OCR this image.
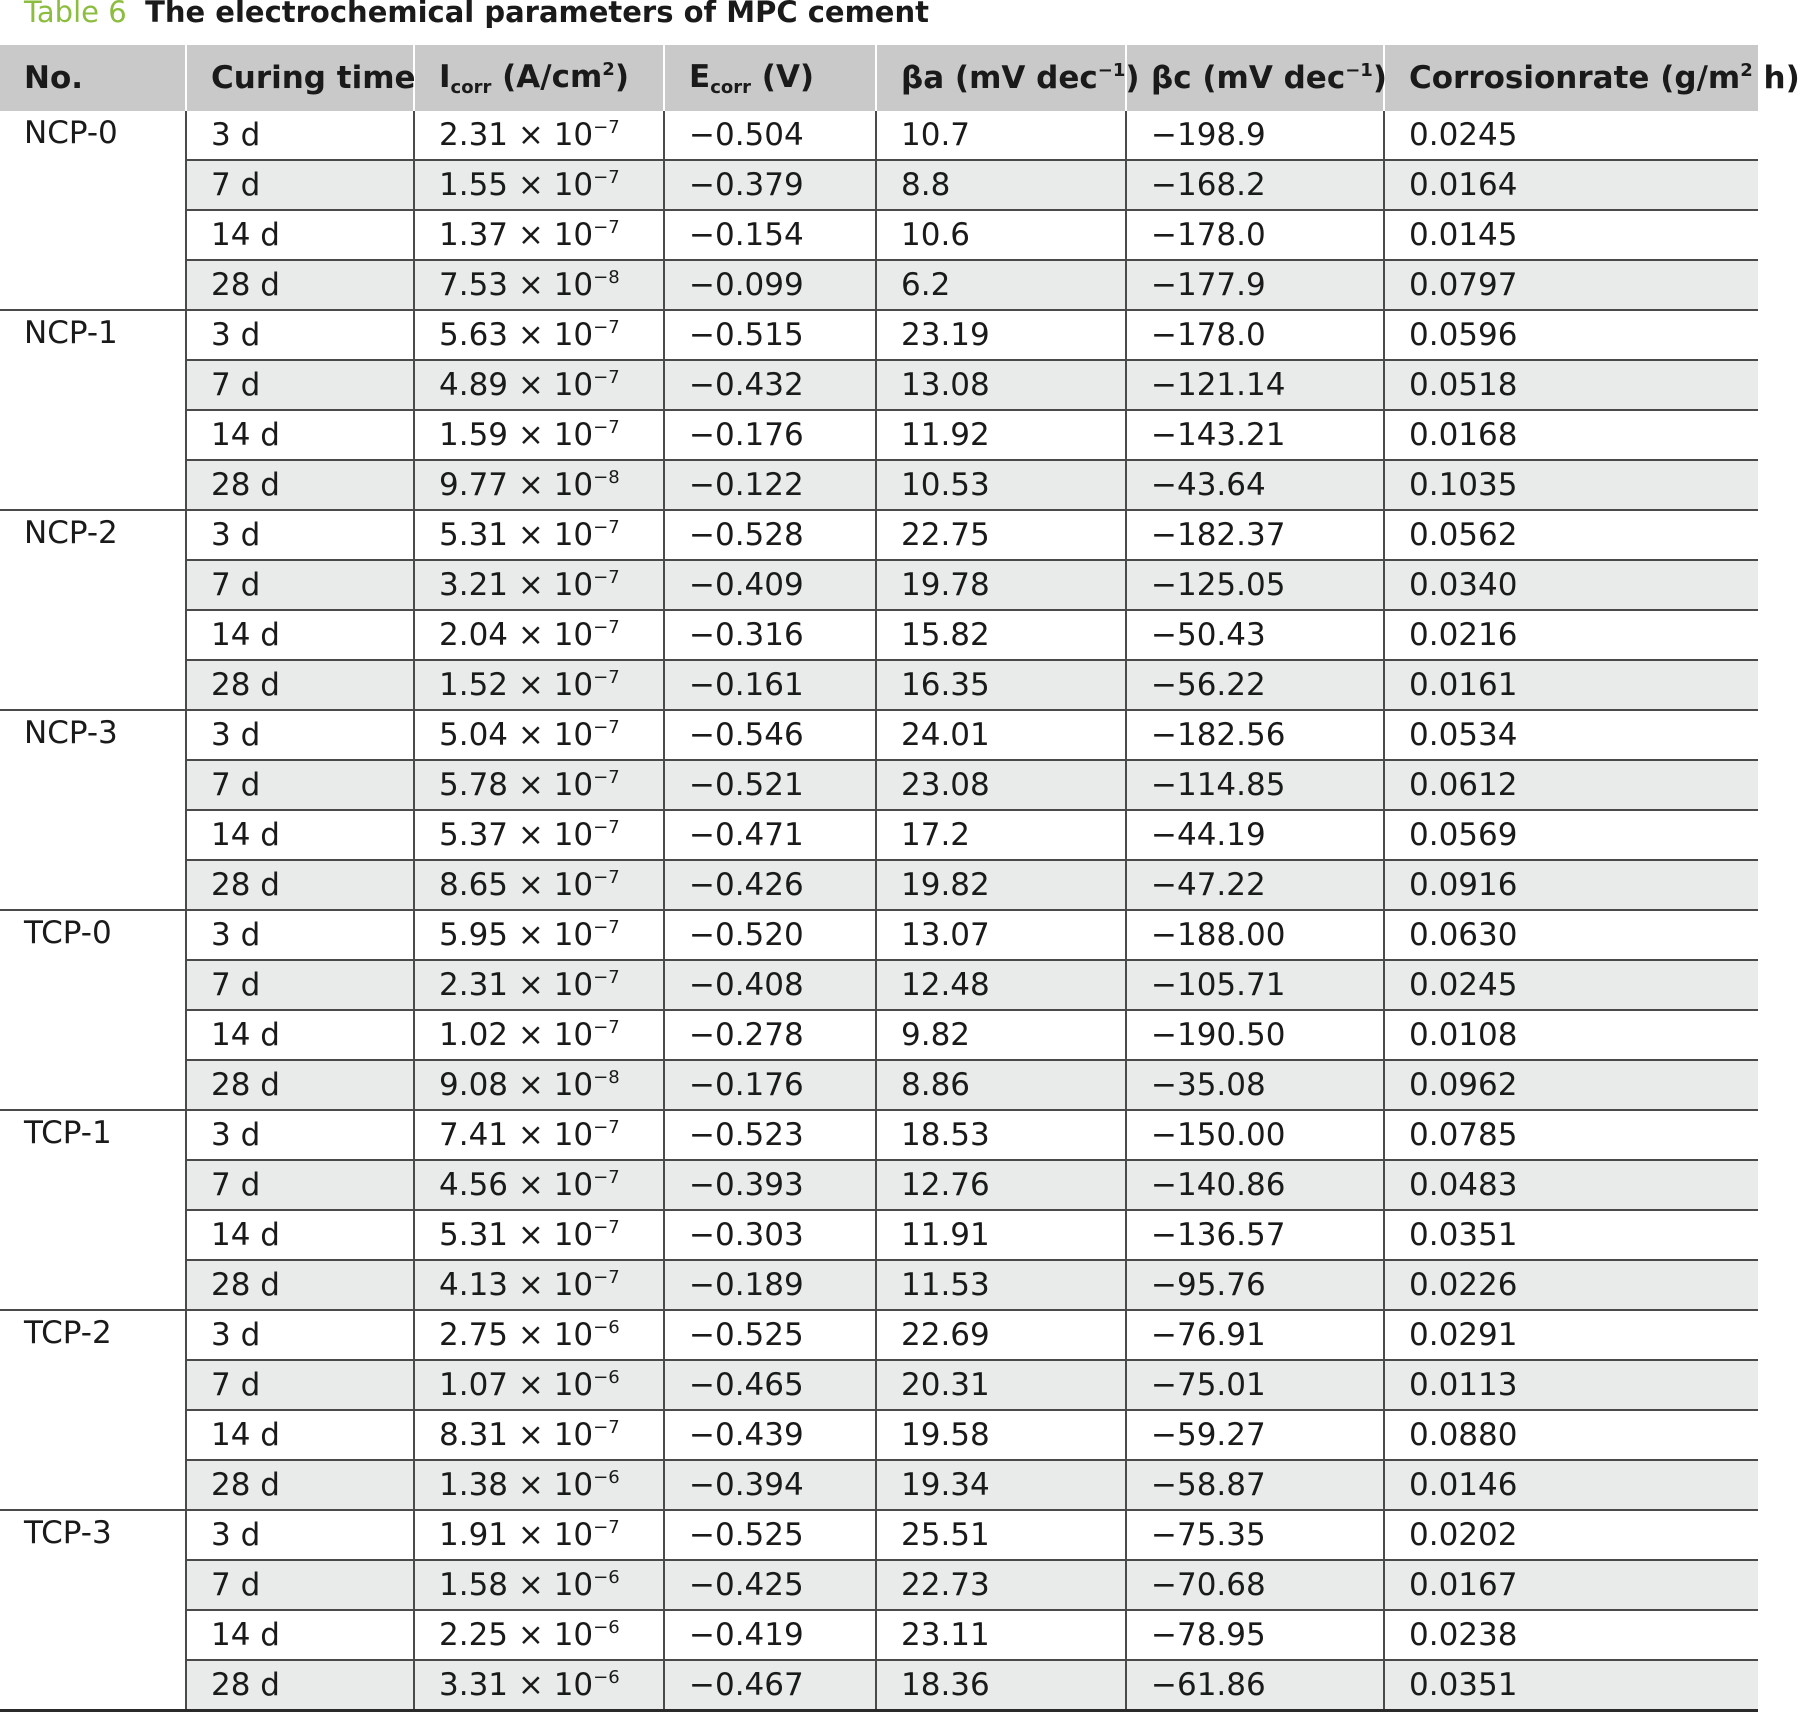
Table 6 The electrochemical parameters of MPC cement
No.	Curing time	$I_{corr}$ $(A/cm^2)$	$E_{corr}$ (V)	βa (mV dec$^{-1}$)	βc (mV dec$^{-1}$)	Corrosionrate ($g/m^2$ h)
NCP-0	3 d	$2.31 \times 10^{-7}$	−0.504	10.7	−198.9	0.0245
	7 d	$1.55 \times 10^{-7}$	−0.379	8.8	−168.2	0.0164
	14 d	$1.37 \times 10^{-7}$	−0.154	10.6	−178.0	0.0145
	28 d	$7.53 \times 10^{-8}$	−0.099	6.2	−177.9	0.0797
NCP-1	3 d	$5.63 \times 10^{-7}$	−0.515	23.19	−178.0	0.0596
	7 d	$4.89 \times 10^{-7}$	−0.432	13.08	−121.14	0.0518
	14 d	$1.59 \times 10^{-7}$	−0.176	11.92	−143.21	0.0168
	28 d	$9.77 \times 10^{-8}$	−0.122	10.53	−43.64	0.1035
NCP-2	3 d	$5.31 \times 10^{-7}$	−0.528	22.75	−182.37	0.0562
	7 d	$3.21 \times 10^{-7}$	−0.409	19.78	−125.05	0.0340
	14 d	$2.04 \times 10^{-7}$	−0.316	15.82	−50.43	0.0216
	28 d	$1.52 \times 10^{-7}$	−0.161	16.35	−56.22	0.0161
NCP-3	3 d	$5.04 \times 10^{-7}$	−0.546	24.01	−182.56	0.0534
	7 d	$5.78 \times 10^{-7}$	−0.521	23.08	−114.85	0.0612
	14 d	$5.37 \times 10^{-7}$	−0.471	17.2	−44.19	0.0569
	28 d	$8.65 \times 10^{-7}$	−0.426	19.82	−47.22	0.0916
TCP-0	3 d	$5.95 \times 10^{-7}$	−0.520	13.07	−188.00	0.0630
	7 d	$2.31 \times 10^{-7}$	−0.408	12.48	−105.71	0.0245
	14 d	$1.02 \times 10^{-7}$	−0.278	9.82	−190.50	0.0108
	28 d	$9.08 \times 10^{-8}$	−0.176	8.86	−35.08	0.0962
TCP-1	3 d	$7.41 \times 10^{-7}$	−0.523	18.53	−150.00	0.0785
	7 d	$4.56 \times 10^{-7}$	−0.393	12.76	−140.86	0.0483
	14 d	$5.31 \times 10^{-7}$	−0.303	11.91	−136.57	0.0351
	28 d	$4.13 \times 10^{-7}$	−0.189	11.53	−95.76	0.0226
TCP-2	3 d	$2.75 \times 10^{-6}$	−0.525	22.69	−76.91	0.0291
	7 d	$1.07 \times 10^{-6}$	−0.465	20.31	−75.01	0.0113
	14 d	$8.31 \times 10^{-7}$	−0.439	19.58	−59.27	0.0880
	28 d	$1.38 \times 10^{-6}$	−0.394	19.34	−58.87	0.0146
TCP-3	3 d	$1.91 \times 10^{-7}$	−0.525	25.51	−75.35	0.0202
	7 d	$1.58 \times 10^{-6}$	−0.425	22.73	−70.68	0.0167
	14 d	$2.25 \times 10^{-6}$	−0.419	23.11	−78.95	0.0238
	28 d	$3.31 \times 10^{-6}$	−0.467	18.36	−61.86	0.0351
